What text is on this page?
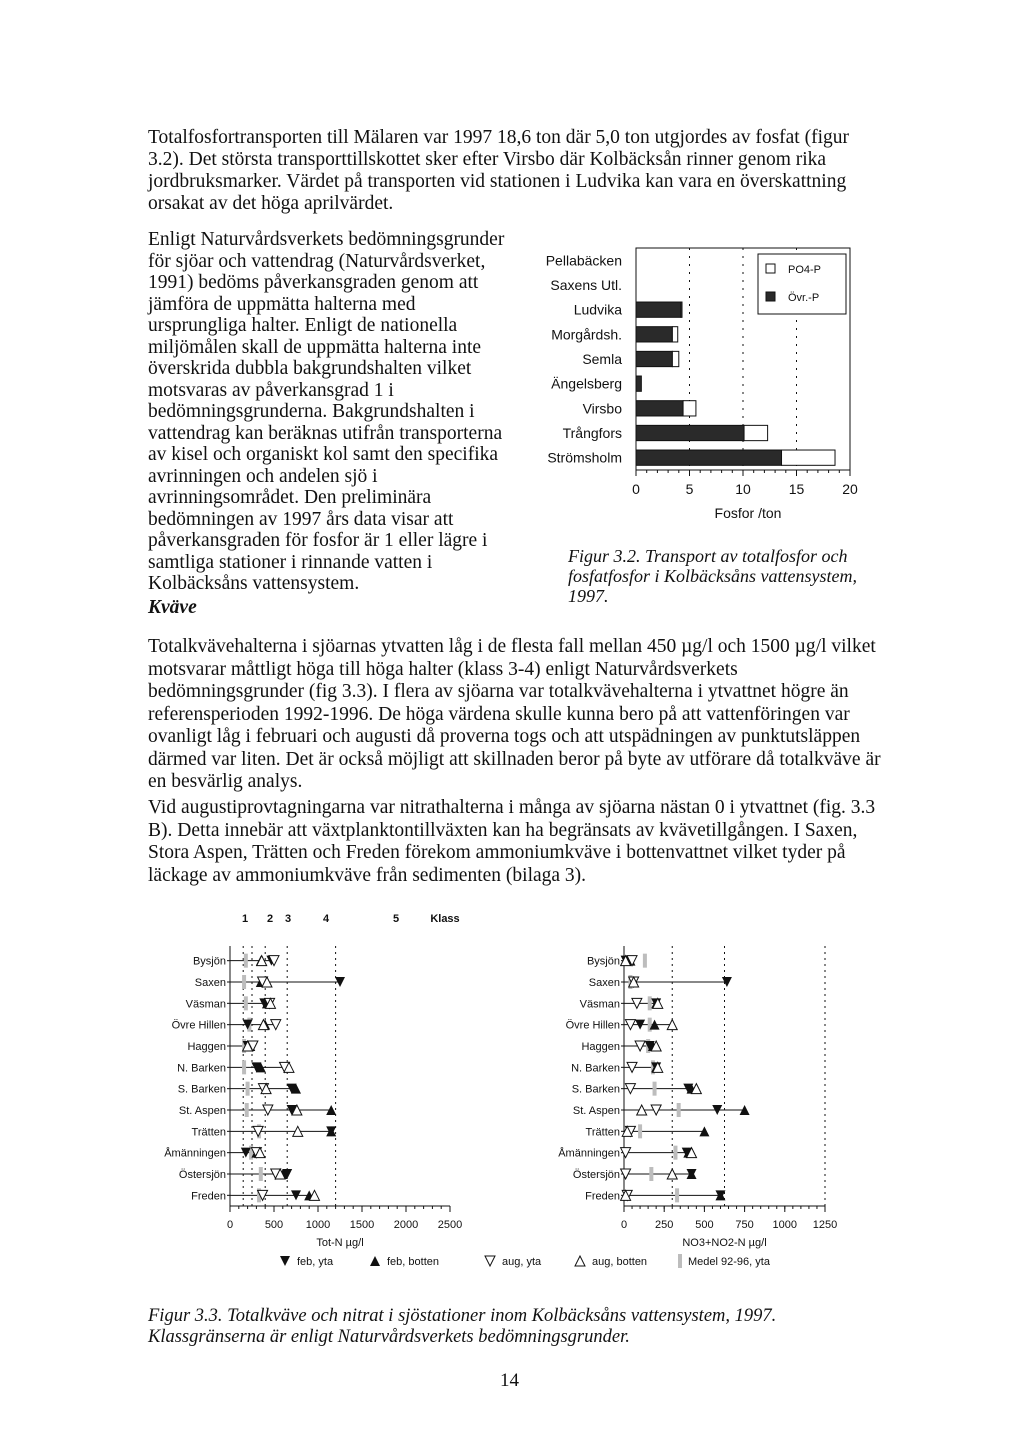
Totalfosfortransporten till Mälaren var 1997 18,6 ton där 5,0 ton utgjordes av fosfat (figur 3.2). Det största transporttillskottet sker efter Virsbo där Kolbäcksån rinner genom rika jordbruksmarker. Värdet på transporten vid stationen i Ludvika kan vara en överskattning orsakat av det höga aprilvärdet.

Enligt Naturvårdsverkets bedömningsgrunder för sjöar och vattendrag (Naturvårdsverket, 1991) bedöms påverkansgraden genom att jämföra de uppmätta halterna med ursprungliga halter. Enligt de nationella miljömålen skall de uppmätta halterna inte överskrida dubbla bakgrundshalten vilket motsvaras av påverkansgrad 1 i bedömningsgrunderna. Bakgrundshalten i vattendrag kan beräknas utifrån transporterna av kisel och organiskt kol samt den specifika avrinningen och andelen sjö i avrinningsområdet. Den preliminära bedömningen av 1997 års data visar att påverkansgraden för fosfor är 1 eller lägre i samtliga stationer i rinnande vatten i Kolbäcksåns vattensystem.

0	5	10	15	20
Fosfor /ton
Pellabäcken
Saxens Utl.
Ludvika
Morgårdsh.
Semla
Ängelsberg
Virsbo
Trångfors
Strömsholm
PO4-P
Övr.-P

Figur 3.2. Transport av totalfosfor och fosfatfosfor i Kolbäcksåns vattensystem, 1997.

Kväve

Totalkvävehalterna i sjöarnas ytvatten låg i de flesta fall mellan 450 µg/l och 1500 µg/l vilket motsvarar måttligt höga till höga halter (klass 3-4) enligt Naturvårdsverkets bedömningsgrunder (fig 3.3). I flera av sjöarna var totalkvävehalterna i ytvattnet högre än referensperioden 1992-1996. De höga värdena skulle kunna bero på att vattenföringen var ovanligt låg i februari och augusti då proverna togs och att utspädningen av punktutsläppen därmed var liten. Det är också möjligt att skillnaden beror på byte av utförare då totalkväve är en besvärlig analys.

Vid augustiprovtagningarna var nitrathalterna i många av sjöarna nästan 0 i ytvattnet (fig. 3.3 B). Detta innebär att växtplanktontillväxten kan ha begränsats av kvävetillgången. I Saxen, Stora Aspen, Trätten och Freden förekom ammoniumkväve i bottenvattnet vilket tyder på läckage av ammoniumkväve från sedimenten (bilaga 3).

1 2 3	4	5	Klass
0	500 1000 1500 2000 2500
Tot-N µg/l
Bysjön
Saxen
Väsman
Övre Hillen
Haggen
N. Barken
S. Barken
St. Aspen
Trätten
Åmänningen
Östersjön
Freden
0	250 500 750 1000 1250
NO3+NO2-N µg/l
Bysjön
Saxen
Väsman
Övre Hillen
Haggen
N. Barken
S. Barken
St. Aspen
Trätten
Åmänningen
Östersjön
Freden
feb, yta	feb, botten	aug, yta	aug, botten	Medel 92-96, yta
Figur 3.3. Totalkväve och nitrat i sjöstationer inom Kolbäcksåns vattensystem, 1997.
Klassgränserna är enligt Naturvårdsverkets bedömningsgrunder.
14
